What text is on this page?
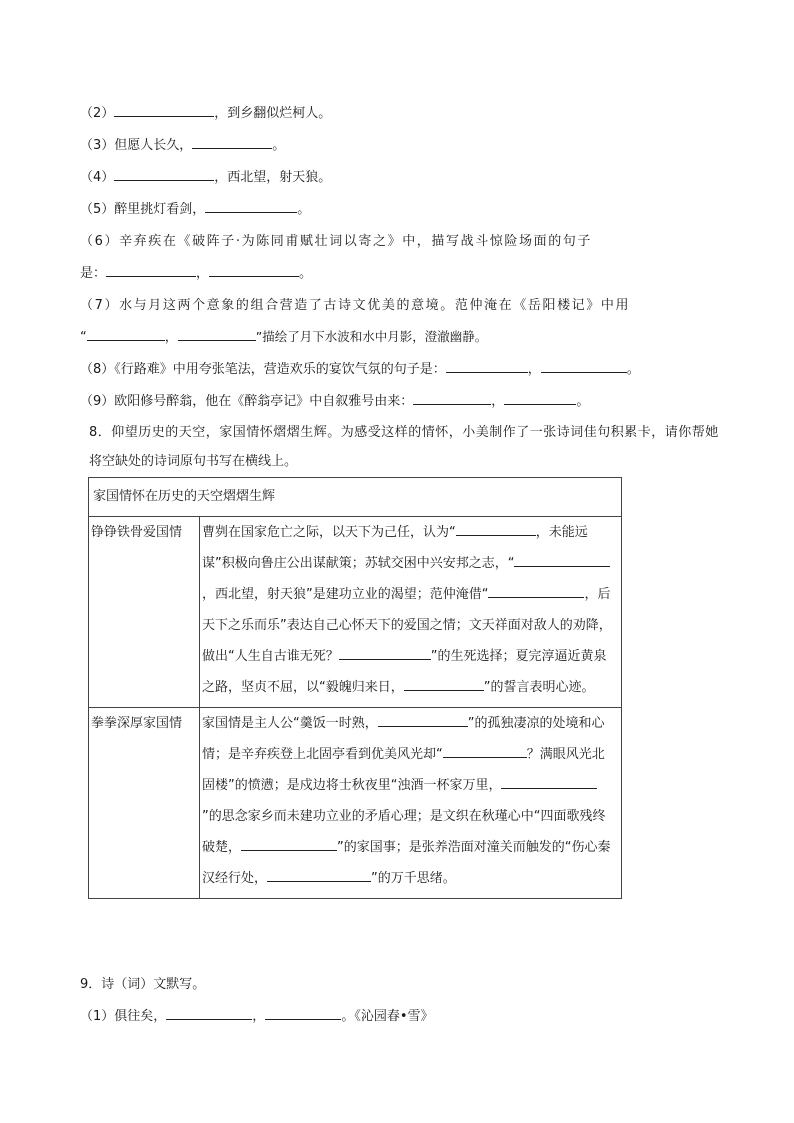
（2）	，到乡翻似烂柯人。
（3）但愿人长久，	。
（4）	，西北望，射天狼。
（5）醉里挑灯看剑，	。
（6）辛弃疾在《破阵子·为陈同甫赋壮词以寄之》中，描写战斗惊险场面的句子
是：	，	。
（7）水与月这两个意象的组合营造了古诗文优美的意境。范仲淹在《岳阳楼记》中用
“	，	”描绘了月下水波和水中月影，澄澈幽静。
（8）《行路难》中用夸张笔法，营造欢乐的宴饮气氛的句子是：	，	。
（9）欧阳修号醉翁，他在《醉翁亭记》中自叙雅号由来：	，	。
8．仰望历史的天空，家国情怀熠熠生辉。为感受这样的情怀，小美制作了一张诗词佳句积累卡，请你帮她
将空缺处的诗词原句书写在横线上。
家国情怀在历史的天空熠熠生辉	
铮铮铁骨爱国情	曹刿在国家危亡之际，以天下为己任，认为“ ，未能远谋”积极向鲁庄公出谋献策；苏轼交困中兴安邦之志，“，西北望，射天狼”是建功立业的渴望；范仲淹借“ ，后天下之乐而乐”表达自己心怀天下的爱国之情；文天祥面对敌人的劝降，做出“人生自古谁无死？ ”的生死选择；夏完淳逼近黄泉之路，坚贞不屈，以“毅魄归来日， ”的誓言表明心迹。
拳拳深厚家国情	家国情是主人公“羹饭一时熟， ”的孤独凄凉的处境和心情；是辛弃疾登上北固亭看到优美风光却“ ？满眼风光北固楼”的愤懑；是戍边将士秋夜里“浊酒一杯家万里，”的思念家乡而未建功立业的矛盾心理；是文织在秋瑾心中“四面歌残终破楚， ”的家国事；是张养浩面对潼关而触发的“伤心秦汉经行处， ”的万千思绪。
9．诗（词）文默写。
（1）俱往矣，	，	。《沁园春•雪》
